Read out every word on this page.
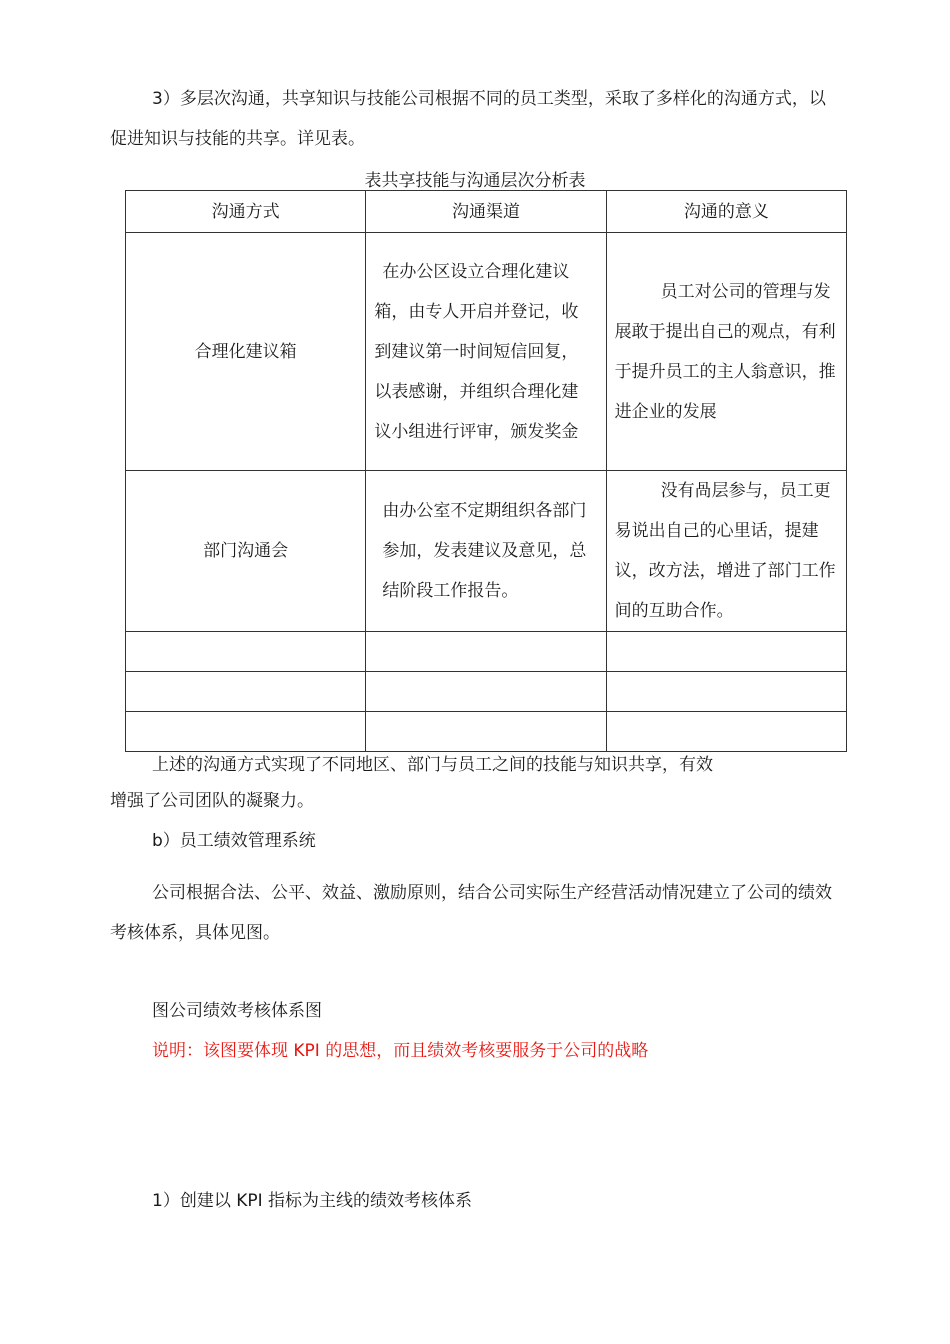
3）多层次沟通，共享知识与技能公司根据不同的员工类型，采取了多样化的沟通方式，以

促进知识与技能的共享。详见表。

表共享技能与沟通层次分析表
沟通方式	沟通渠道	沟通的意义
合理化建议箱	在办公区设立合理化建议箱，由专人开启并登记，收到建议第一时间短信回复，以表感谢，并组织合理化建议小组进行评审，颁发奖金	员工对公司的管理与发展敢于提出自己的观点，有利于提升员工的主人翁意识，推进企业的发展

部门沟通会	由办公室不定期组织各部门参加，发表建议及意见，总结阶段工作报告。	没有咼层参与，员工更易说出自己的心里话，提建议，改方法，增进了部门工作间的互助合作。

上述的沟通方式实现了不同地区、部门与员工之间的技能与知识共享，有效

增强了公司团队的凝聚力。

b）员工绩效管理系统

公司根据合法、公平、效益、激励原则，结合公司实际生产经营活动情况建立了公司的绩效

考核体系，具体见图。

图公司绩效考核体系图

说明：该图要体现 KPI 的思想，而且绩效考核要服务于公司的战略

1）创建以 KPI 指标为主线的绩效考核体系
